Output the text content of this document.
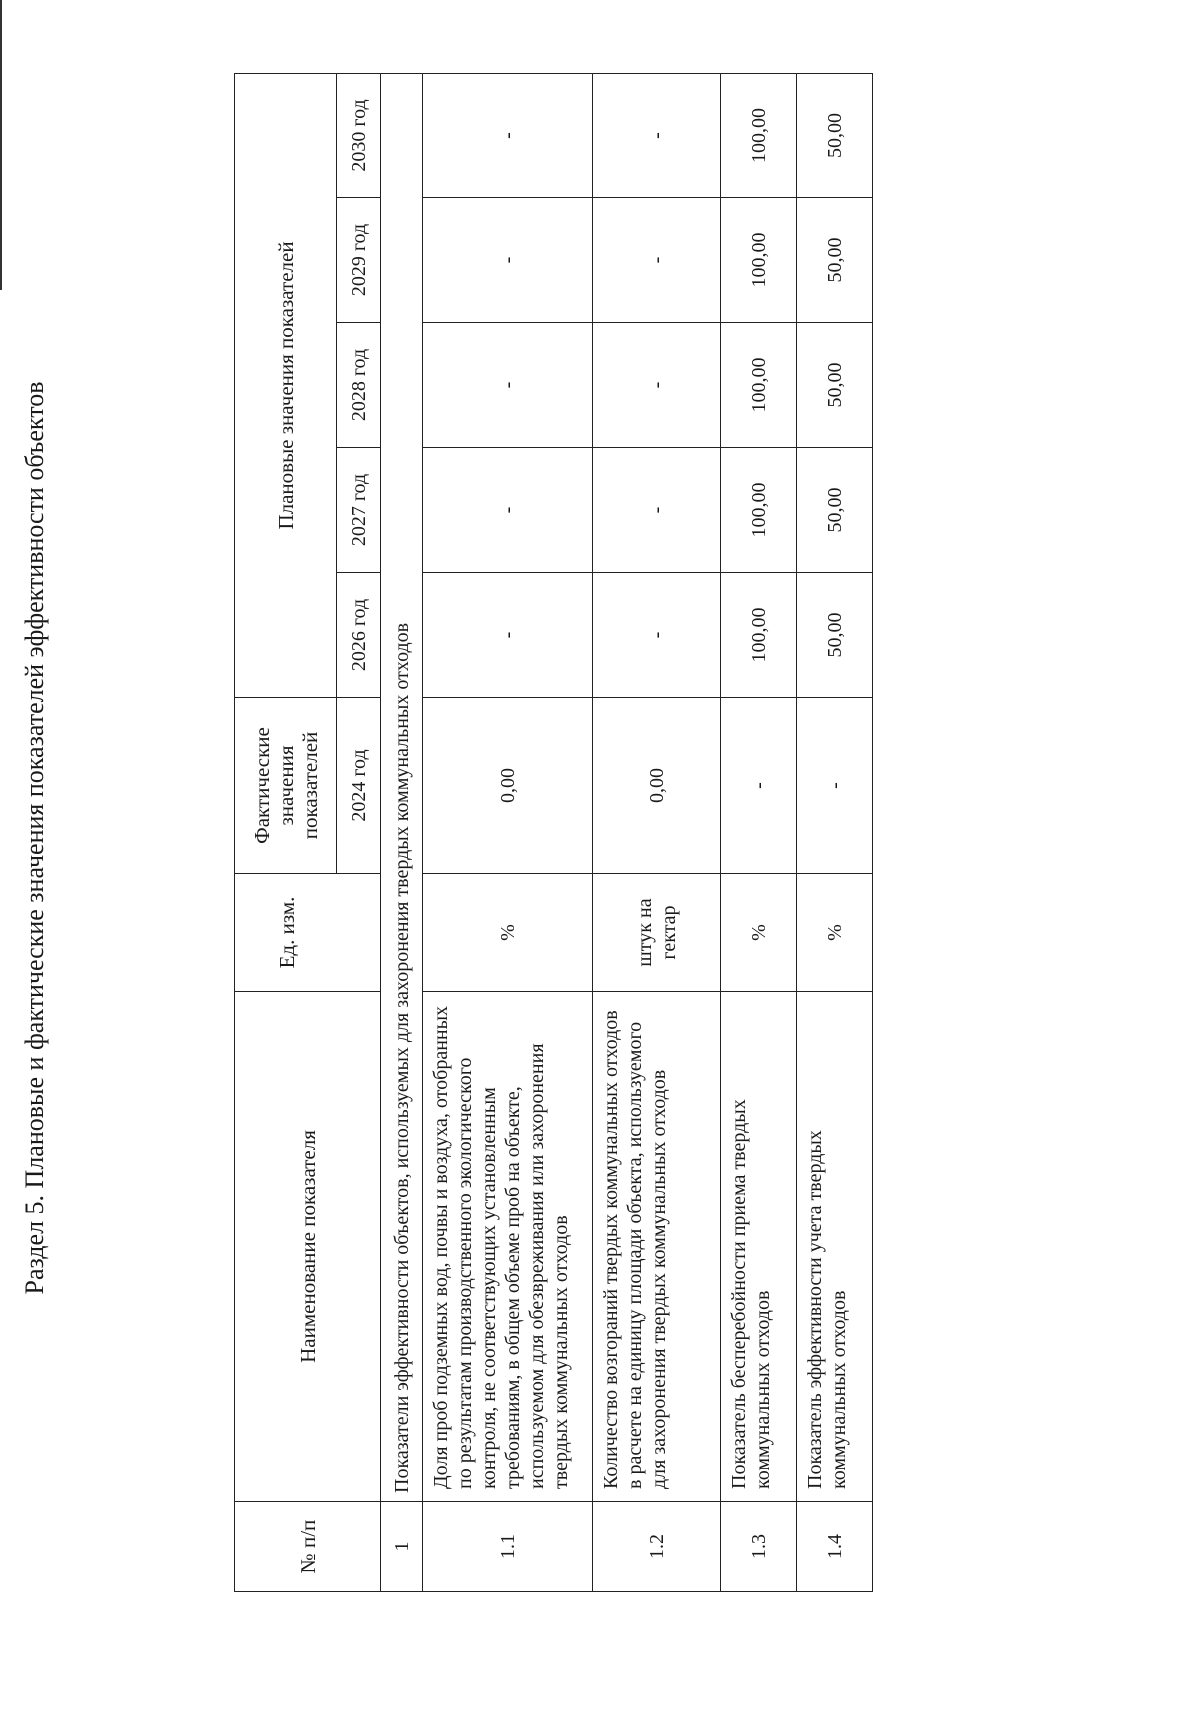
Раздел 5. Плановые и фактические значения показателей эффективности объектов
№ п/п	Наименование показателя	Ед. изм.	Фактические значения показателей	Плановые значения показателей				
			2024 год	2026 год	2027 год	2028 год	2029 год	2030 год
1	Показатели эффективности объектов, используемых для захоронения твердых коммунальных отходов							
1.1	Доля проб подземных вод, почвы и воздуха, отобранных по результатам производственного экологического контроля, не соответствующих установленным требованиям, в общем объеме проб на объекте, используемом для обезвреживания или захоронения твердых коммунальных отходов	%	0,00	-	-	-	-	-
1.2	Количество возгораний твердых коммунальных отходов в расчете на единицу площади объекта, используемого для захоронения твердых коммунальных отходов	штук на гектар	0,00	-	-	-	-	-
1.3	Показатель бесперебойности приема твердых коммунальных отходов	%	-	100,00	100,00	100,00	100,00	100,00
1.4	Показатель эффективности учета твердых коммунальных отходов	%	-	50,00	50,00	50,00	50,00	50,00
